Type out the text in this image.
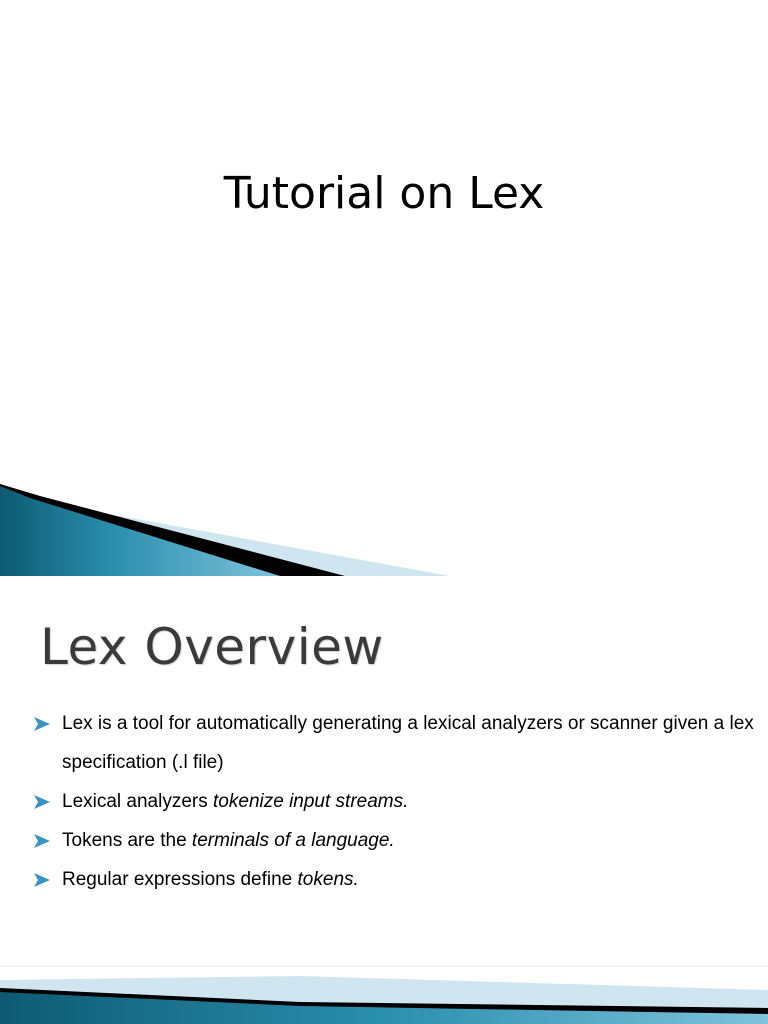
Tutorial on Lex
Lex Overview
Lex is a tool for automatically generating a lexical analyzers or scanner given a lex specification (.l file)
Lexical analyzers tokenize input streams.
Tokens are the terminals of a language.
Regular expressions define tokens.
